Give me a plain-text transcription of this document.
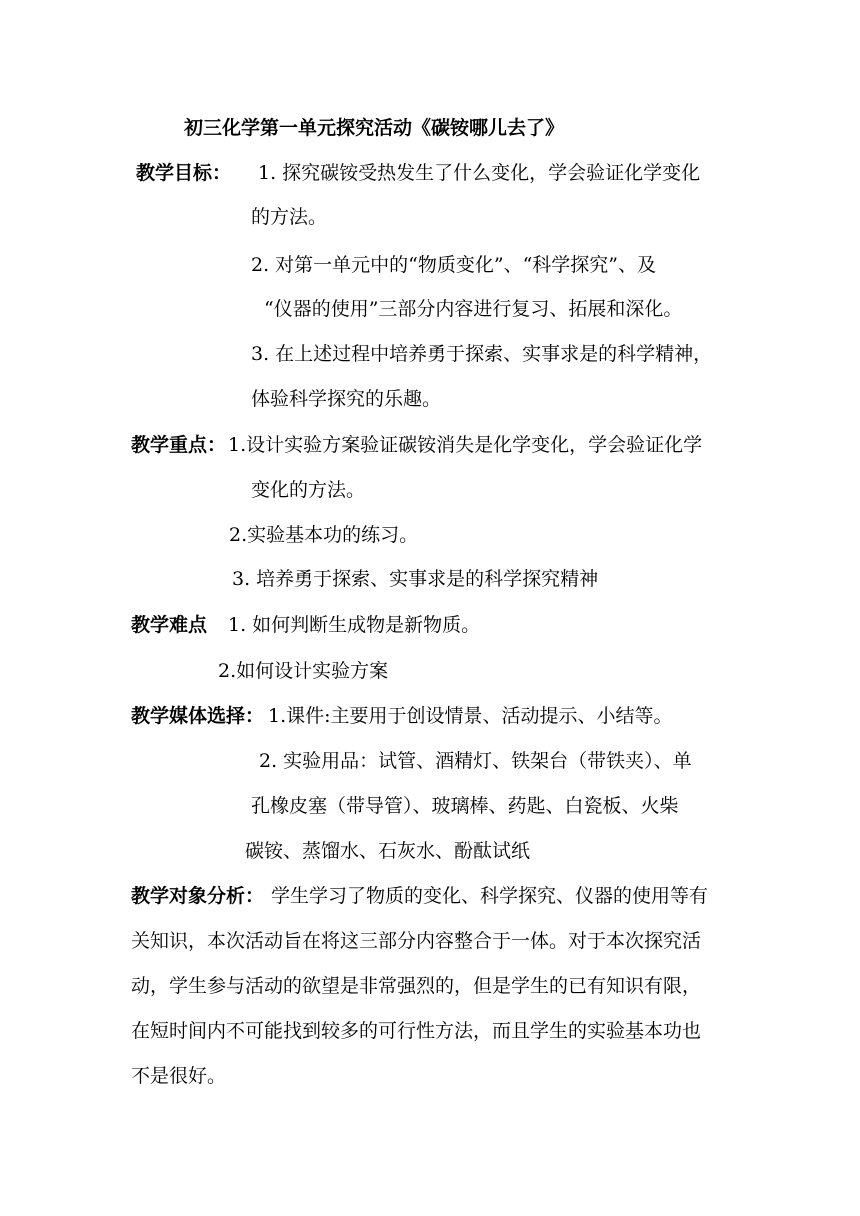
初三化学第一单元探究活动《碳铵哪儿去了》
教学目标： 1. 探究碳铵受热发生了什么变化，学会验证化学变化
的方法。
2. 对第一单元中的“物质变化”、“科学探究”、及
“仪器的使用”三部分内容进行复习、拓展和深化。
3. 在上述过程中培养勇于探索、实事求是的科学精神，
体验科学探究的乐趣。
教学重点： 1.设计实验方案验证碳铵消失是化学变化，学会验证化学
变化的方法。
2.实验基本功的练习。
3. 培养勇于探索、实事求是的科学探究精神
教学难点 1. 如何判断生成物是新物质。
2.如何设计实验方案
教学媒体选择： 1.课件:主要用于创设情景、活动提示、小结等。
2. 实验用品：试管、酒精灯、铁架台（带铁夹）、单
孔橡皮塞（带导管）、玻璃棒、药匙、白瓷板、火柴
碳铵、蒸馏水、石灰水、酚酞试纸
教学对象分析： 学生学习了物质的变化、科学探究、仪器的使用等有
关知识，本次活动旨在将这三部分内容整合于一体。对于本次探究活
动，学生参与活动的欲望是非常强烈的，但是学生的已有知识有限，
在短时间内不可能找到较多的可行性方法，而且学生的实验基本功也
不是很好。
